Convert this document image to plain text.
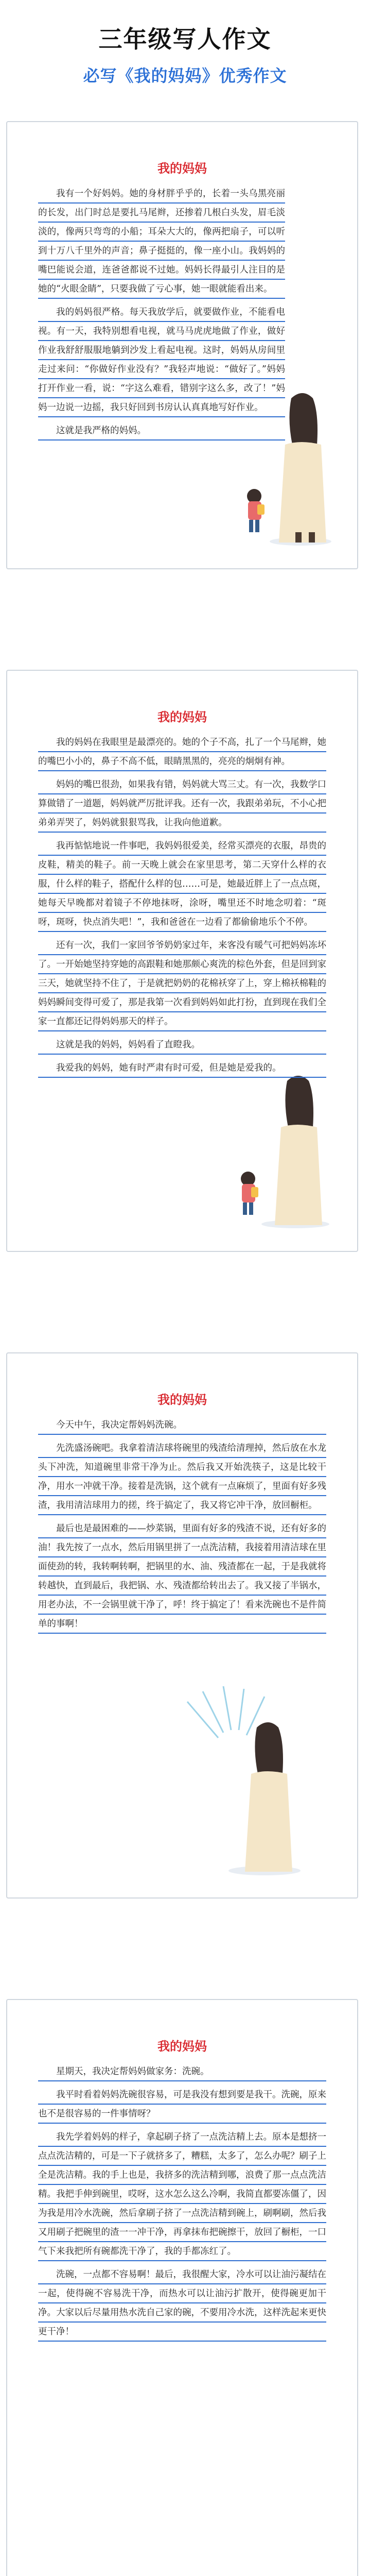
三年级写人作文
必写《我的妈妈》优秀作文
我的妈妈

我有一个好妈妈。她的身材胖乎乎的，长着一头乌黑亮丽的长发，出门时总是要扎马尾辫，还掺着几根白头发，眉毛淡淡的，像两只弯弯的小船；耳朵大大的，像两把扇子，可以听到十万八千里外的声音；鼻子挺挺的，像一座小山。我妈妈的嘴巴能说会道，连爸爸都说不过她。妈妈长得最引人注目的是她的“火眼金睛”，只要我做了亏心事，她一眼就能看出来。

我的妈妈很严格。每天我放学后，就要做作业，不能看电视。有一天，我特别想看电视，就马马虎虎地做了作业，做好作业我舒舒服服地躺到沙发上看起电视。这时，妈妈从房间里走过来问：“你做好作业没有？”我轻声地说：“做好了。”妈妈打开作业一看，说：“字这么难看，错别字这么多，改了！”妈妈一边说一边摇，我只好回到书房认认真真地写好作业。

这就是我严格的妈妈。

我的妈妈

我的妈妈在我眼里是最漂亮的。她的个子不高，扎了一个马尾辫，她的嘴巴小小的，鼻子不高不低，眼睛黑黑的，亮亮的炯炯有神。

妈妈的嘴巴很劲，如果我有错，妈妈就大骂三丈。有一次，我数学口算做错了一道题，妈妈就严厉批评我。还有一次，我跟弟弟玩，不小心把弟弟弄哭了，妈妈就狠狠骂我，让我向他道歉。

我再惦惦地说一件事吧，我妈妈很爱美，经常买漂亮的衣服，昂贵的皮鞋，精美的鞋子。前一天晚上就会在家里思考，第二天穿什么样的衣服，什么样的鞋子，搭配什么样的包……可是，她最近胖上了一点点斑，她每天早晚都对着镜子不停地抹呀，涂呀，嘴里还不时地念叨着：“斑呀，斑呀，快点消失吧！”，我和爸爸在一边看了都偷偷地乐个不停。

还有一次，我们一家回爷爷奶奶家过年，来客没有暖气可把妈妈冻坏了。一开始她坚持穿她的高跟鞋和她那颇心爽洗的棕色外套，但是回到家三天，她就坚持不住了，于是就把奶奶的花棉袄穿了上，穿上棉袄棉鞋的妈妈瞬间变得可爱了，那是我第一次看到妈妈如此打扮，直到现在我们全家一直都还记得妈妈那天的样子。

这就是我的妈妈，妈妈看了直瞪我。

我爱我的妈妈，她有时严肃有时可爱，但是她是爱我的。

我的妈妈

今天中午，我决定帮妈妈洗碗。

先洗盛汤碗吧。我拿着清洁球将碗里的残渣给清理掉，然后放在水龙头下冲洗，知道碗里非常干净为止。然后我又开始洗筷子，这是比较干净，用水一冲就干净。接着是洗锅，这个就有一点麻烦了，里面有好多残渣，我用清洁球用力的搓，终于搞定了，我又将它冲干净，放回橱柜。

最后也是最困难的——炒菜锅，里面有好多的残渣不说，还有好多的油！我先按了一点水，然后用锅里拼了一点洗洁精，我接着用清洁球在里面使劲的转，我转啊转啊，把锅里的水、油、残渣都在一起，于是我就将转越快，直到最后，我把锅、水、残渣都给转出去了。我又接了半锅水，用老办法，不一会锅里就干净了，呼！终于搞定了！看来洗碗也不是件简单的事啊！

我的妈妈

星期天，我决定帮妈妈做家务：洗碗。

我平时看着妈妈洗碗很容易，可是我没有想到要是我干。洗碗，原来也不是很容易的一件事情呀？

我先学着妈妈的样子，拿起刷子挤了一点洗洁精上去。原本是想挤一点点洗洁精的，可是一下子就挤多了，糟糕，太多了，怎么办呢？刷子上全是洗洁精。我的手上也是，我挤多的洗洁精到哪，浪费了那一点点洗洁精。我把手伸到碗里，哎呀，这水怎么这么冷啊，我简直都要冻僵了，因为我是用冷水洗碗，然后拿刷子挤了一点洗洁精到碗上，刷啊刷，然后我又用刷子把碗里的渣一一冲干净，再拿抹布把碗擦干，放回了橱柜，一口气下来我把所有碗都洗干净了，我的手都冻红了。

洗碗，一点都不容易啊！最后，我很醒大家，冷水可以让油污凝结在一起，使得碗不容易洗干净，而热水可以让油污扩散开，使得碗更加干净。大家以后尽量用热水洗自己家的碗，不要用冷水洗，这样洗起来更快更干净！
